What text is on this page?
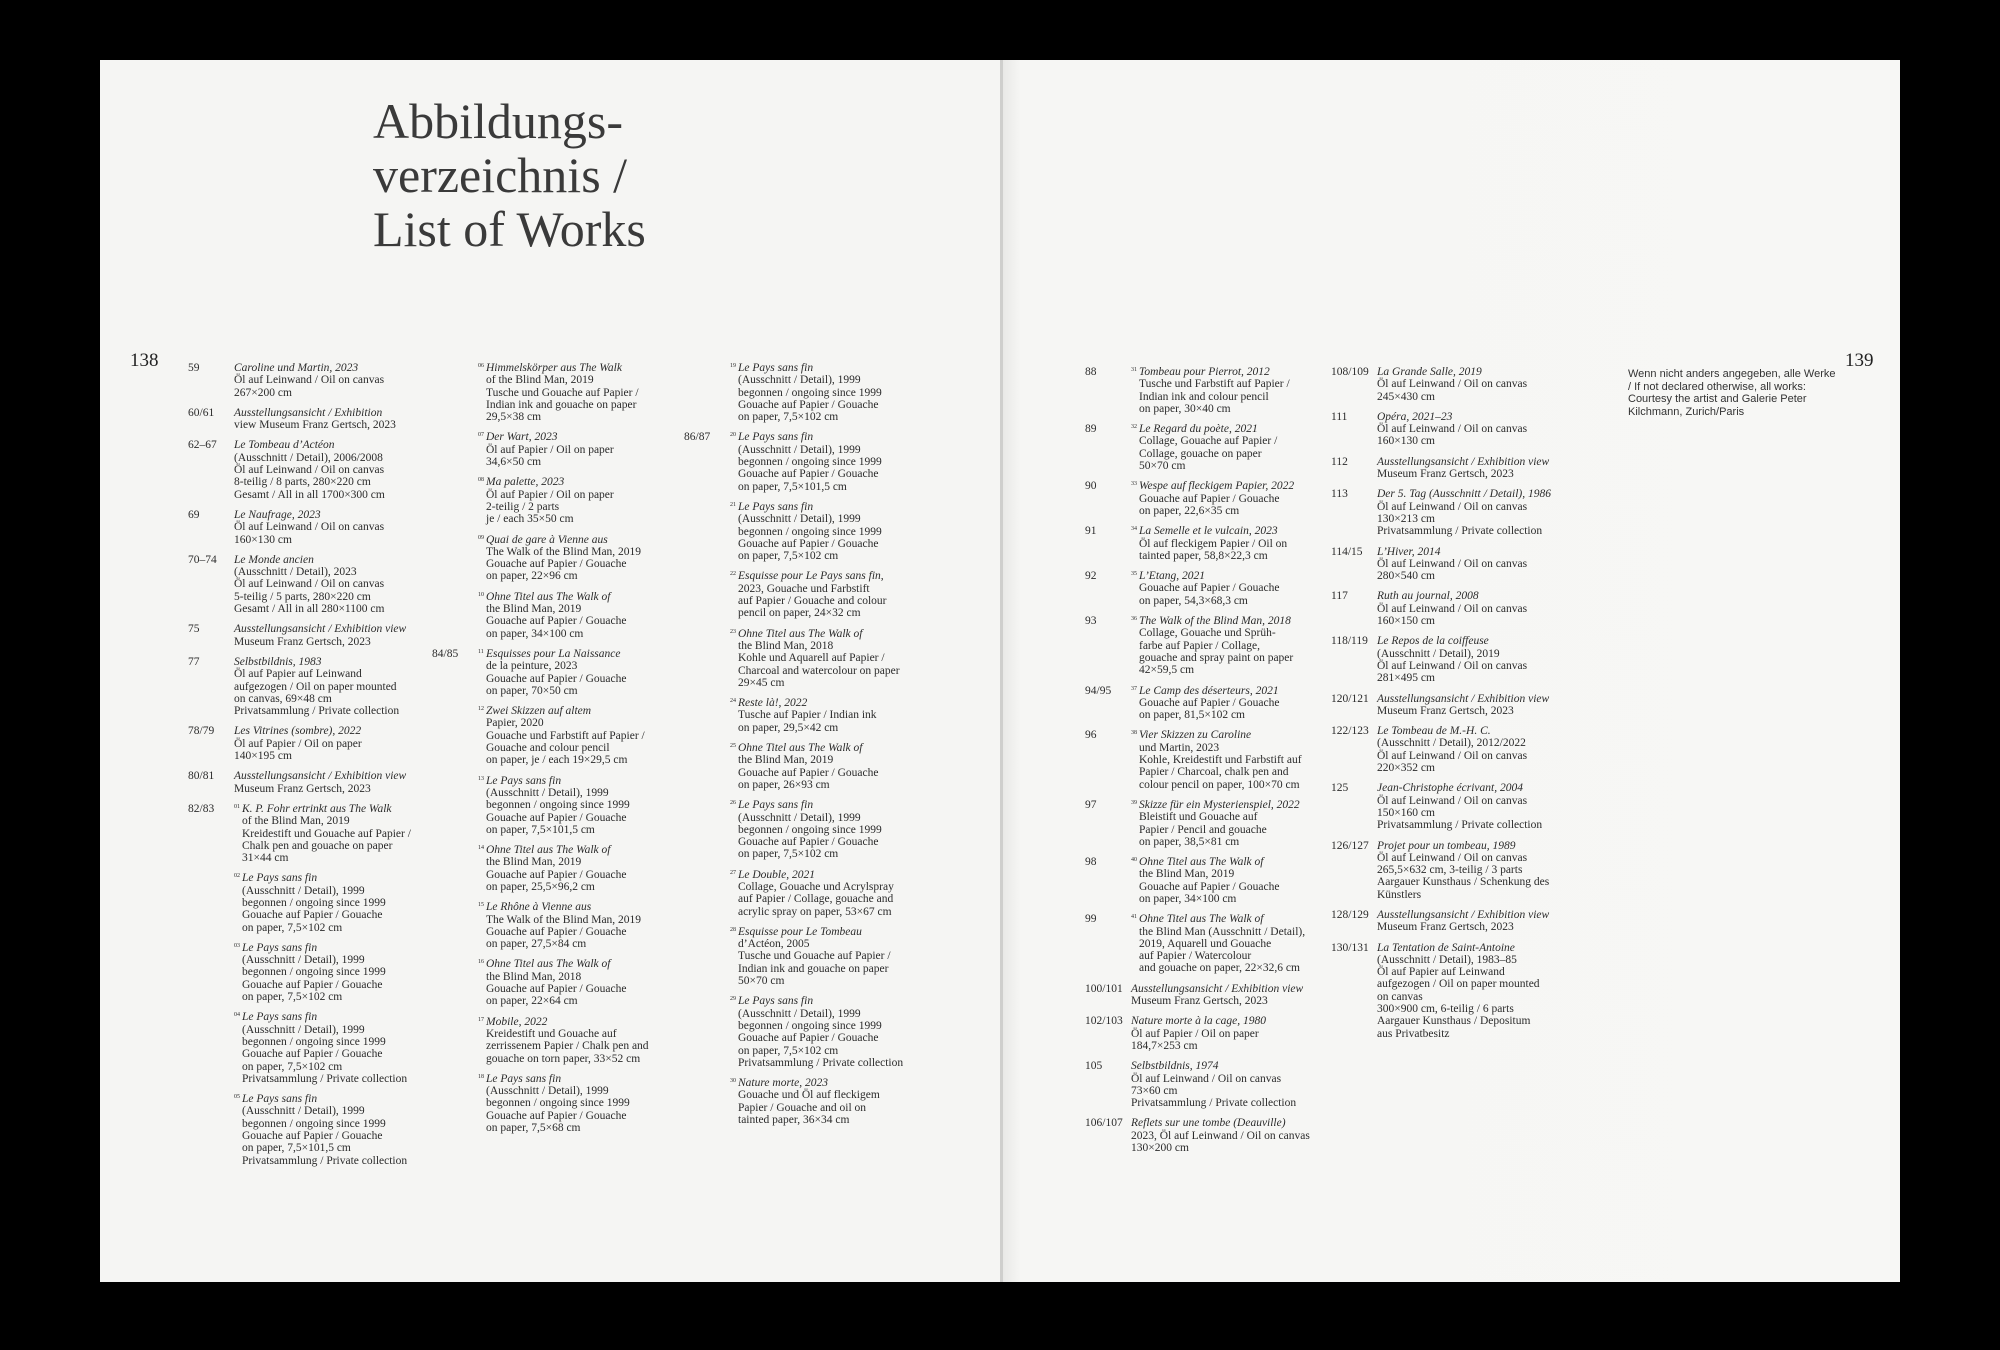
Abbildungs-
verzeichnis /
List of Works
138	59	Caroline und Martin, 2023
Öl auf Leinwand / Oil on canvas
267×200 cm
60/61	Ausstellungsansicht / Exhibition
view Museum Franz Gertsch, 2023
62–67	Le Tombeau d’Actéon
(Ausschnitt / Detail), 2006/2008
Öl auf Leinwand / Oil on canvas
8-teilig / 8 parts, 280×220 cm
Gesamt / All in all 1700×300 cm
69	Le Naufrage, 2023
Öl auf Leinwand / Oil on canvas
160×130 cm
70–74	Le Monde ancien
(Ausschnitt / Detail), 2023
Öl auf Leinwand / Oil on canvas
5-teilig / 5 parts, 280×220 cm
Gesamt / All in all 280×1100 cm
75	Ausstellungsansicht / Exhibition view
Museum Franz Gertsch, 2023
77	Selbstbildnis, 1983
Öl auf Papier auf Leinwand
aufgezogen / Oil on paper mounted
on canvas, 69×48 cm
Privatsammlung / Private collection
78/79	Les Vitrines (sombre), 2022
Öl auf Papier / Oil on paper
140×195 cm
80/81	Ausstellungsansicht / Exhibition view
Museum Franz Gertsch, 2023
82/83	01 K. P. Fohr ertrinkt aus The Walk
of the Blind Man, 2019
Kreidestift und Gouache auf Papier /
Chalk pen and gouache on paper
31×44 cm
02 Le Pays sans fin
(Ausschnitt / Detail), 1999
begonnen / ongoing since 1999
Gouache auf Papier / Gouache
on paper, 7,5×102 cm
03 Le Pays sans fin
(Ausschnitt / Detail), 1999
begonnen / ongoing since 1999
Gouache auf Papier / Gouache
on paper, 7,5×102 cm
04 Le Pays sans fin
(Ausschnitt / Detail), 1999
begonnen / ongoing since 1999
Gouache auf Papier / Gouache
on paper, 7,5×102 cm
Privatsammlung / Private collection
05 Le Pays sans fin
(Ausschnitt / Detail), 1999
begonnen / ongoing since 1999
Gouache auf Papier / Gouache
on paper, 7,5×101,5 cm
Privatsammlung / Private collection
06 Himmelskörper aus The Walk
of the Blind Man, 2019
Tusche und Gouache auf Papier /
Indian ink and gouache on paper
29,5×38 cm
07 Der Wart, 2023
Öl auf Papier / Oil on paper
34,6×50 cm
08 Ma palette, 2023
Öl auf Papier / Oil on paper
2-teilig / 2 parts
je / each 35×50 cm
09 Quai de gare à Vienne aus
The Walk of the Blind Man, 2019
Gouache auf Papier / Gouache
on paper, 22×96 cm
10 Ohne Titel aus The Walk of
the Blind Man, 2019
Gouache auf Papier / Gouache
on paper, 34×100 cm
84/85	11 Esquisses pour La Naissance
de la peinture, 2023
Gouache auf Papier / Gouache
on paper, 70×50 cm
12 Zwei Skizzen auf altem
Papier, 2020
Gouache und Farbstift auf Papier /
Gouache and colour pencil
on paper, je / each 19×29,5 cm
13 Le Pays sans fin
(Ausschnitt / Detail), 1999
begonnen / ongoing since 1999
Gouache auf Papier / Gouache
on paper, 7,5×101,5 cm
14 Ohne Titel aus The Walk of
the Blind Man, 2019
Gouache auf Papier / Gouache
on paper, 25,5×96,2 cm
15 Le Rhône à Vienne aus
The Walk of the Blind Man, 2019
Gouache auf Papier / Gouache
on paper, 27,5×84 cm
16 Ohne Titel aus The Walk of
the Blind Man, 2018
Gouache auf Papier / Gouache
on paper, 22×64 cm
17 Mobile, 2022
Kreidestift und Gouache auf
zerrissenem Papier / Chalk pen and
gouache on torn paper, 33×52 cm
18 Le Pays sans fin
(Ausschnitt / Detail), 1999
begonnen / ongoing since 1999
Gouache auf Papier / Gouache
on paper, 7,5×68 cm
19 Le Pays sans fin
(Ausschnitt / Detail), 1999
begonnen / ongoing since 1999
Gouache auf Papier / Gouache
on paper, 7,5×102 cm
86/87	20 Le Pays sans fin
(Ausschnitt / Detail), 1999
begonnen / ongoing since 1999
Gouache auf Papier / Gouache
on paper, 7,5×101,5 cm
21 Le Pays sans fin
(Ausschnitt / Detail), 1999
begonnen / ongoing since 1999
Gouache auf Papier / Gouache
on paper, 7,5×102 cm
22 Esquisse pour Le Pays sans fin,
2023, Gouache und Farbstift
auf Papier / Gouache and colour
pencil on paper, 24×32 cm
23 Ohne Titel aus The Walk of
the Blind Man, 2018
Kohle und Aquarell auf Papier /
Charcoal and watercolour on paper
29×45 cm
24 Reste là!, 2022
Tusche auf Papier / Indian ink
on paper, 29,5×42 cm
25 Ohne Titel aus The Walk of
the Blind Man, 2019
Gouache auf Papier / Gouache
on paper, 26×93 cm
26 Le Pays sans fin
(Ausschnitt / Detail), 1999
begonnen / ongoing since 1999
Gouache auf Papier / Gouache
on paper, 7,5×102 cm
27 Le Double, 2021
Collage, Gouache und Acrylspray
auf Papier / Collage, gouache and
acrylic spray on paper, 53×67 cm
28 Esquisse pour Le Tombeau
d’Actéon, 2005
Tusche und Gouache auf Papier /
Indian ink and gouache on paper
50×70 cm
29 Le Pays sans fin
(Ausschnitt / Detail), 1999
begonnen / ongoing since 1999
Gouache auf Papier / Gouache
on paper, 7,5×102 cm
Privatsammlung / Private collection
30 Nature morte, 2023
Gouache und Öl auf fleckigem
Papier / Gouache and oil on
tainted paper, 36×34 cm
88	31 Tombeau pour Pierrot, 2012
Tusche und Farbstift auf Papier /
Indian ink and colour pencil
on paper, 30×40 cm
89	32 Le Regard du poète, 2021
Collage, Gouache auf Papier /
Collage, gouache on paper
50×70 cm
90	33 Wespe auf fleckigem Papier, 2022
Gouache auf Papier / Gouache
on paper, 22,6×35 cm
91	34 La Semelle et le vulcain, 2023
Öl auf fleckigem Papier / Oil on
tainted paper, 58,8×22,3 cm
92	35 L’Etang, 2021
Gouache auf Papier / Gouache
on paper, 54,3×68,3 cm
93	36 The Walk of the Blind Man, 2018
Collage, Gouache und Sprüh-
farbe auf Papier / Collage,
gouache and spray paint on paper
42×59,5 cm
94/95	37 Le Camp des déserteurs, 2021
Gouache auf Papier / Gouache
on paper, 81,5×102 cm
96	38 Vier Skizzen zu Caroline
und Martin, 2023
Kohle, Kreidestift und Farbstift auf
Papier / Charcoal, chalk pen and
colour pencil on paper, 100×70 cm
97	39 Skizze für ein Mysterienspiel, 2022
Bleistift und Gouache auf
Papier / Pencil and gouache
on paper, 38,5×81 cm
98	40 Ohne Titel aus The Walk of
the Blind Man, 2019
Gouache auf Papier / Gouache
on paper, 34×100 cm
99	41 Ohne Titel aus The Walk of
the Blind Man (Ausschnitt / Detail),
2019, Aquarell und Gouache
auf Papier / Watercolour
and gouache on paper, 22×32,6 cm
100/101 Ausstellungsansicht / Exhibition view
Museum Franz Gertsch, 2023
102/103 Nature morte à la cage, 1980
Öl auf Papier / Oil on paper
184,7×253 cm
105	Selbstbildnis, 1974
Öl auf Leinwand / Oil on canvas
73×60 cm
Privatsammlung / Private collection
106/107 Reflets sur une tombe (Deauville)
2023, Öl auf Leinwand / Oil on canvas
130×200 cm
108/109 La Grande Salle, 2019
Öl auf Leinwand / Oil on canvas
245×430 cm
111	Opéra, 2021–23
Öl auf Leinwand / Oil on canvas
160×130 cm
112	Ausstellungsansicht / Exhibition view
Museum Franz Gertsch, 2023
113	Der 5. Tag (Ausschnitt / Detail), 1986
Öl auf Leinwand / Oil on canvas
130×213 cm
Privatsammlung / Private collection
114/15	L’Hiver, 2014
Öl auf Leinwand / Oil on canvas
280×540 cm
117	Ruth au journal, 2008
Öl auf Leinwand / Oil on canvas
160×150 cm
118/119 Le Repos de la coiffeuse
(Ausschnitt / Detail), 2019
Öl auf Leinwand / Oil on canvas
281×495 cm
120/121 Ausstellungsansicht / Exhibition view
Museum Franz Gertsch, 2023
122/123 Le Tombeau de M.-H. C.
(Ausschnitt / Detail), 2012/2022
Öl auf Leinwand / Oil on canvas
220×352 cm
125	Jean-Christophe écrivant, 2004
Öl auf Leinwand / Oil on canvas
150×160 cm
Privatsammlung / Private collection
126/127 Projet pour un tombeau, 1989
Öl auf Leinwand / Oil on canvas
265,5×632 cm, 3-teilig / 3 parts
Aargauer Kunsthaus / Schenkung des
Künstlers
128/129 Ausstellungsansicht / Exhibition view
Museum Franz Gertsch, 2023
130/131 La Tentation de Saint-Antoine
(Ausschnitt / Detail), 1983–85
Öl auf Papier auf Leinwand
aufgezogen / Oil on paper mounted
on canvas
300×900 cm, 6-teilig / 6 parts
Aargauer Kunsthaus / Depositum
aus Privatbesitz
Wenn nicht anders angegeben, alle Werke / If not declared otherwise, all works: Courtesy the artist and Galerie Peter Kilchmann, Zurich/Paris
139
